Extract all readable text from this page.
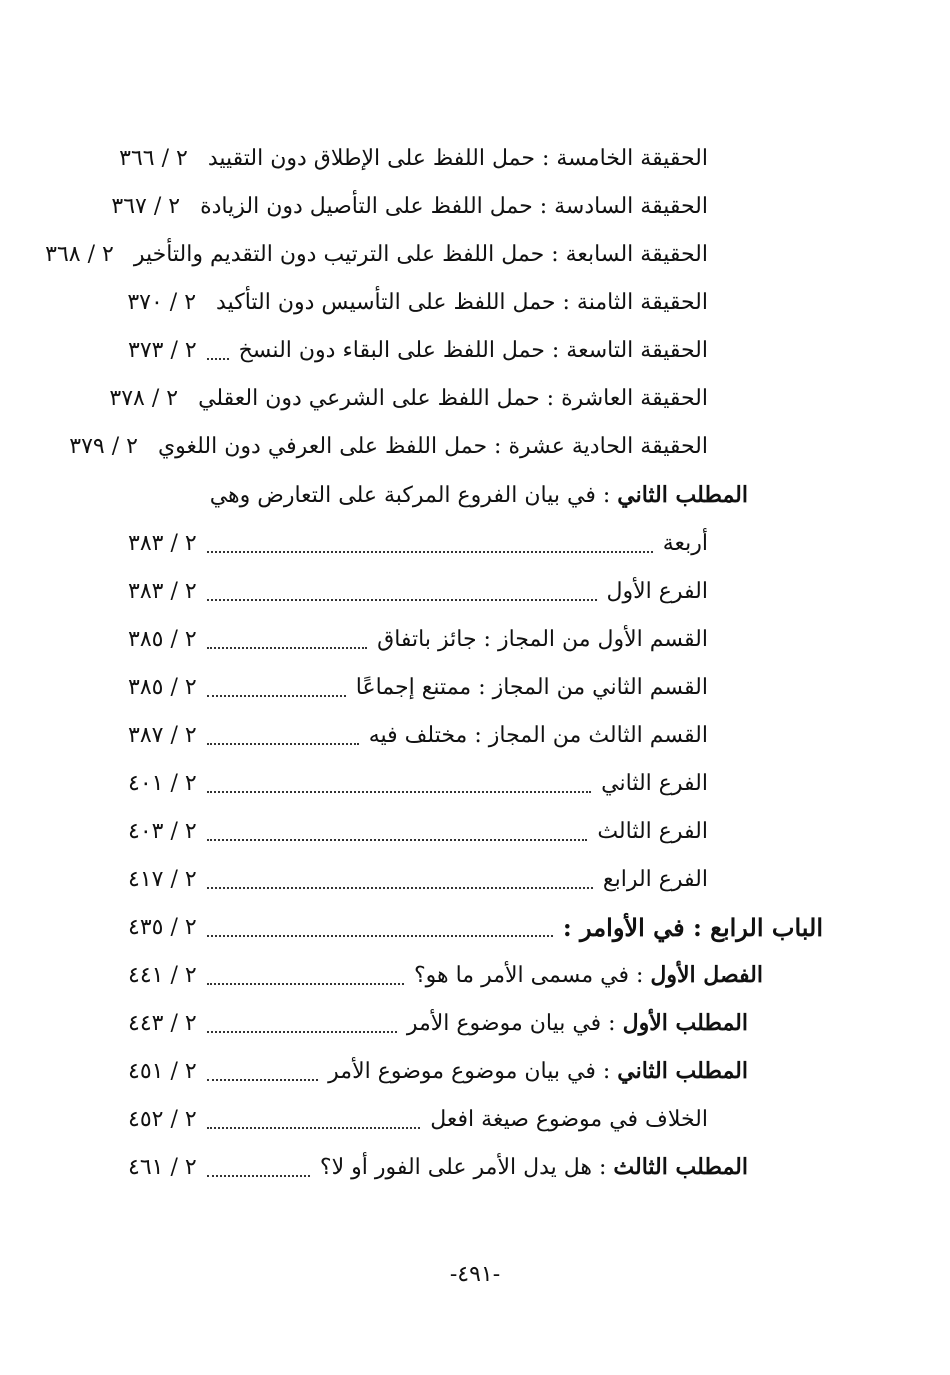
الحقيقة الخامسة : حمل اللفظ على الإطلاق دون التقييد
٢ / ٣٦٦
الحقيقة السادسة : حمل اللفظ على التأصيل دون الزيادة
٢ / ٣٦٧
الحقيقة السابعة : حمل اللفظ على الترتيب دون التقديم والتأخير
٢ / ٣٦٨
الحقيقة الثامنة : حمل اللفظ على التأسيس دون التأكيد
٢ / ٣٧٠
الحقيقة التاسعة : حمل اللفظ على البقاء دون النسخ
٢ / ٣٧٣
الحقيقة العاشرة : حمل اللفظ على الشرعي دون العقلي
٢ / ٣٧٨
الحقيقة الحادية عشرة : حمل اللفظ على العرفي دون اللغوي
٢ / ٣٧٩
المطلب الثاني : في بيان الفروع المركبة على التعارض وهي
أربعة
٢ / ٣٨٣
الفرع الأول
٢ / ٣٨٣
القسم الأول من المجاز : جائز باتفاق
٢ / ٣٨٥
القسم الثاني من المجاز : ممتنع إجماعًا
٢ / ٣٨٥
القسم الثالث من المجاز : مختلف فيه
٢ / ٣٨٧
الفرع الثاني
٢ / ٤٠١
الفرع الثالث
٢ / ٤٠٣
الفرع الرابع
٢ / ٤١٧
الباب الرابع : في الأوامر :
٢ / ٤٣٥
الفصل الأول : في مسمى الأمر ما هو؟
٢ / ٤٤١
المطلب الأول : في بيان موضوع الأمر
٢ / ٤٤٣
المطلب الثاني : في بيان موضوع موضوع الأمر
٢ / ٤٥١
الخلاف في موضوع صيغة افعل
٢ / ٤٥٢
المطلب الثالث : هل يدل الأمر على الفور أو لا؟
٢ / ٤٦١
-٤٩١-
